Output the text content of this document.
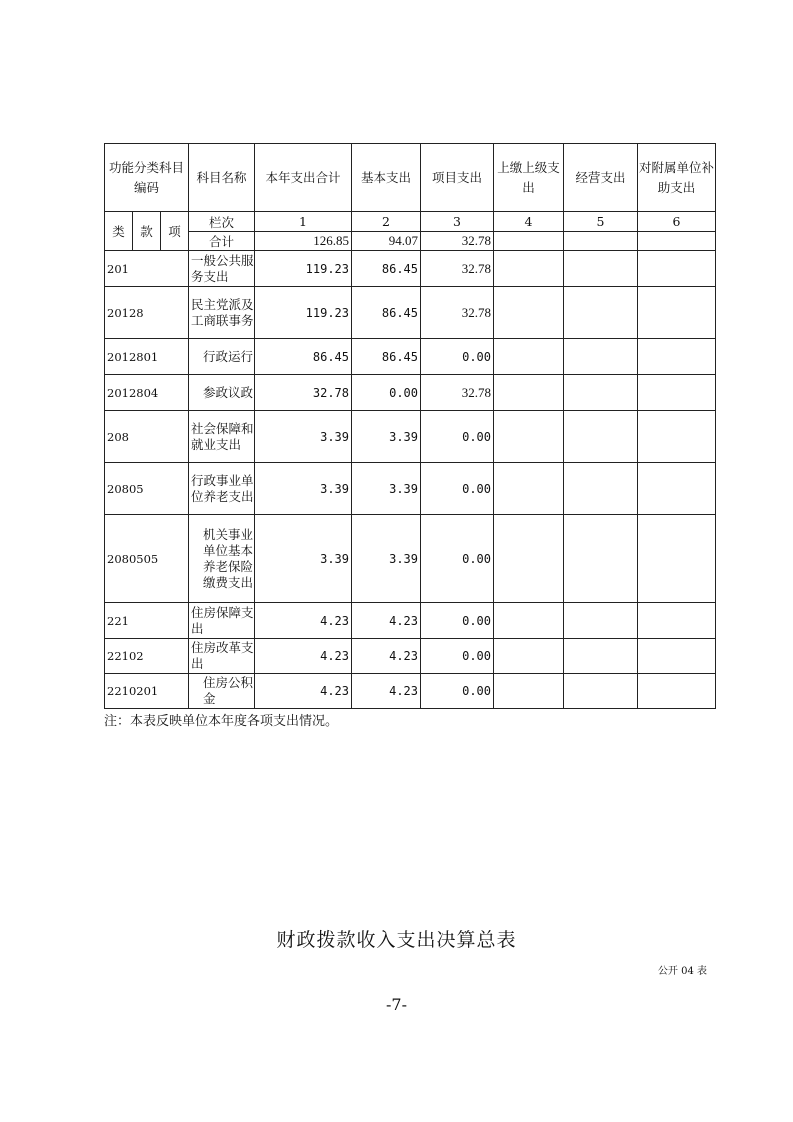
功能分类科目编码			科目名称	本年支出合计	基本支出	项目支出	上缴上级支出	经营支出	对附属单位补助支出
类	款	项	栏次	1	2	3	4	5	6
			合计	126.85	94.07	32.78			
201			一般公共服务支出	119.23	86.45	32.78			
20128			民主党派及工商联事务	119.23	86.45	32.78			
2012801			行政运行	86.45	86.45	0.00			
2012804			参政议政	32.78	0.00	32.78			
208			社会保障和就业支出	3.39	3.39	0.00			
20805			行政事业单位养老支出	3.39	3.39	0.00			
2080505			机关事业单位基本养老保险缴费支出	3.39	3.39	0.00			
221			住房保障支出	4.23	4.23	0.00			
22102			住房改革支出	4.23	4.23	0.00			
2210201			住房公积金	4.23	4.23	0.00			
注：本表反映单位本年度各项支出情况。
财政拨款收入支出决算总表
公开 04 表
-7-
